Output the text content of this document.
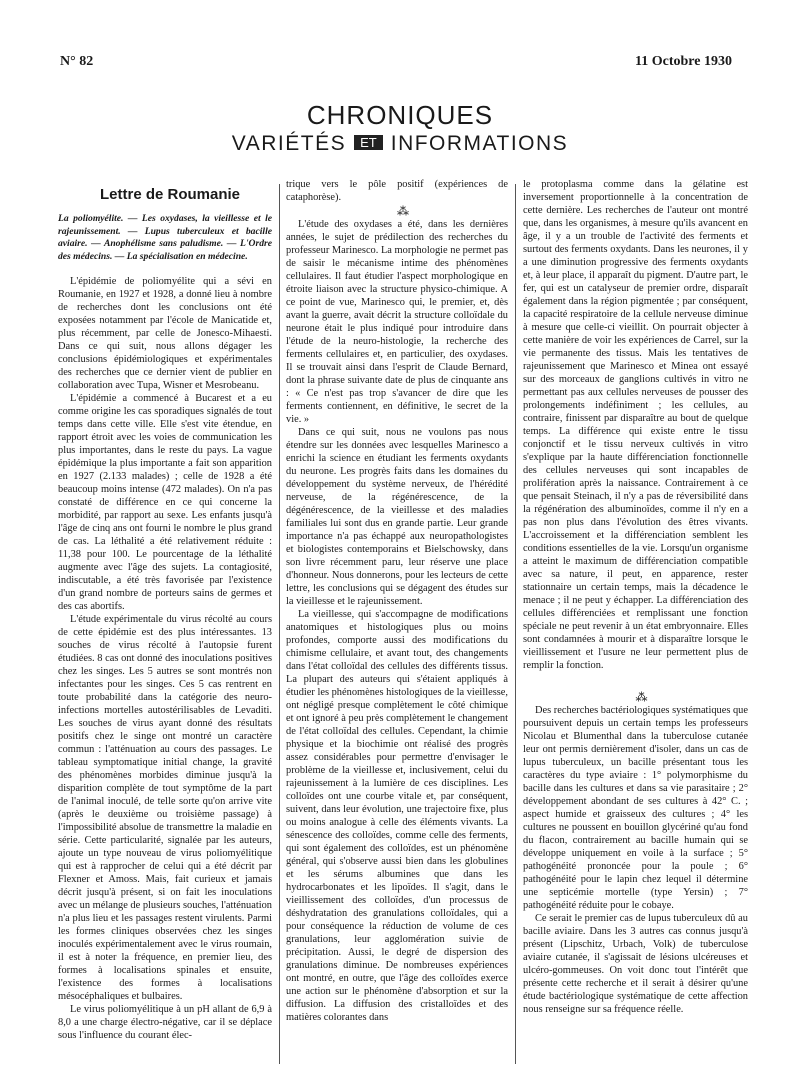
N° 82	11 Octobre 1930
CHRONIQUES
VARIÉTÉS ET INFORMATIONS

Lettre de Roumanie

La poliomyélite. — Les oxydases, la vieillesse et le rajeunissement. — Lupus tuberculeux et bacille aviaire. — Anophélisme sans paludisme. — L'Ordre des médecins. — La spécialisation en médecine.

L'épidémie de poliomyélite qui a sévi en Roumanie, en 1927 et 1928, a donné lieu à nombre de recherches dont les conclusions ont été exposées notamment par l'école de Manicatide et, plus récemment, par celle de Jonesco-Mihaesti. Dans ce qui suit, nous allons dégager les conclusions épidémiologiques et expérimentales des recherches que ce dernier vient de publier en collaboration avec Tupa, Wisner et Mesrobeanu.

L'épidémie a commencé à Bucarest et a eu comme origine les cas sporadiques signalés de tout temps dans cette ville. Elle s'est vite étendue, en rapport étroit avec les voies de communication les plus importantes, dans le reste du pays. La vague épidémique la plus importante a fait son apparition en 1927 (2.133 malades) ; celle de 1928 a été beaucoup moins intense (472 malades). On n'a pas constaté de différence en ce qui concerne la morbidité, par rapport au sexe. Les enfants jusqu'à l'âge de cinq ans ont fourni le nombre le plus grand de cas. La léthalité a été relativement réduite : 11,38 pour 100. Le pourcentage de la léthalité augmente avec l'âge des sujets. La contagiosité, indiscutable, a été très favorisée par l'existence d'un grand nombre de porteurs sains de germes et des cas abortifs.

L'étude expérimentale du virus récolté au cours de cette épidémie est des plus intéressantes. 13 souches de virus récolté à l'autopsie furent étudiées. 8 cas ont donné des inoculations positives chez les singes. Les 5 autres se sont montrés non infectantes pour les singes. Ces 5 cas rentrent en toute probabilité dans la catégorie des neuro-infections mortelles autostérilisables de Levaditi. Les souches de virus ayant donné des résultats positifs chez le singe ont montré un caractère commun : l'atténuation au cours des passages. Le tableau symptomatique initial change, la gravité des phénomènes morbides diminue jusqu'à la disparition complète de tout symptôme de la part de l'animal inoculé, de telle sorte qu'on arrive vite (après le deuxième ou troisième passage) à l'impossibilité absolue de transmettre la maladie en série. Cette particularité, signalée par les auteurs, ajoute un type nouveau de virus poliomyélitique qui est à rapprocher de celui qui a été décrit par Flexner et Amoss. Mais, fait curieux et jamais décrit jusqu'à présent, si on fait les inoculations avec un mélange de plusieurs souches, l'atténuation n'a plus lieu et les passages restent virulents. Parmi les formes cliniques observées chez les singes inoculés expérimentalement avec le virus roumain, il est à noter la fréquence, en premier lieu, des formes à localisations spinales et ensuite, l'existence des formes à localisations mésocéphaliques et bulbaires.

Le virus poliomyélitique à un pH allant de 6,9 à 8,0 a une charge électro-négative, car il se déplace sous l'influence du courant élec-

trique vers le pôle positif (expériences de cataphorèse).

⁂

L'étude des oxydases a été, dans les dernières années, le sujet de prédilection des recherches du professeur Marinesco. La morphologie ne permet pas de saisir le mécanisme intime des phénomènes cellulaires. Il faut étudier l'aspect morphologique en étroite liaison avec la structure physico-chimique. A ce point de vue, Marinesco qui, le premier, et, dès avant la guerre, avait décrit la structure colloïdale du neurone était le plus indiqué pour introduire dans l'étude de la neuro-histologie, la recherche des ferments cellulaires et, en particulier, des oxydases. Il se trouvait ainsi dans l'esprit de Claude Bernard, dont la phrase suivante date de plus de cinquante ans : « Ce n'est pas trop s'avancer de dire que les ferments contiennent, en définitive, le secret de la vie. »

Dans ce qui suit, nous ne voulons pas nous étendre sur les données avec lesquelles Marinesco a enrichi la science en étudiant les ferments oxydants du neurone. Les progrès faits dans les domaines du développement du système nerveux, de l'hérédité nerveuse, de la régénérescence, de la dégénérescence, de la vieillesse et des maladies familiales lui sont dus en grande partie. Leur grande importance n'a pas échappé aux neuropathologistes et biologistes contemporains et Bielschowsky, dans son livre récemment paru, leur réserve une place d'honneur. Nous donnerons, pour les lecteurs de cette lettre, les conclusions qui se dégagent des études sur la vieillesse et le rajeunissement.

La vieillesse, qui s'accompagne de modifications anatomiques et histologiques plus ou moins profondes, comporte aussi des modifications du chimisme cellulaire, et avant tout, des changements dans l'état colloïdal des cellules des différents tissus. La plupart des auteurs qui s'étaient appliqués à étudier les phénomènes histologiques de la vieillesse, ont négligé presque complètement le côté chimique et ont ignoré à peu près complètement le changement de l'état colloïdal des cellules. Cependant, la chimie physique et la biochimie ont réalisé des progrès assez considérables pour permettre d'envisager le problème de la vieillesse et, inclusivement, celui du rajeunissement à la lumière de ces disciplines. Les colloïdes ont une courbe vitale et, par conséquent, suivent, dans leur évolution, une trajectoire fixe, plus ou moins analogue à celle des éléments vivants. La sénescence des colloïdes, comme celle des ferments, qui sont également des colloïdes, est un phénomène général, qui s'observe aussi bien dans les globulines et les sérums albumines que dans les hydrocarbonates et les lipoïdes. Il s'agit, dans le vieillissement des colloïdes, d'un processus de déshydratation des granulations colloïdales, qui a pour conséquence la réduction de volume de ces granulations, leur agglomération suivie de précipitation. Aussi, le degré de dispersion des granulations diminue. De nombreuses expériences ont montré, en outre, que l'âge des colloïdes exerce une action sur le phénomène d'absorption et sur la diffusion. La diffusion des cristalloïdes et des matières colorantes dans

le protoplasma comme dans la gélatine est inversement proportionnelle à la concentration de cette dernière. Les recherches de l'auteur ont montré que, dans les organismes, à mesure qu'ils avancent en âge, il y a un trouble de l'activité des ferments et surtout des ferments oxydants. Dans les neurones, il y a une diminution progressive des ferments oxydants et, à leur place, il apparaît du pigment. D'autre part, le fer, qui est un catalyseur de premier ordre, disparaît également dans la région pigmentée ; par conséquent, la capacité respiratoire de la cellule nerveuse diminue à mesure que celle-ci vieillit. On pourrait objecter à cette manière de voir les expériences de Carrel, sur la vie permanente des tissus. Mais les tentatives de rajeunissement que Marinesco et Minea ont essayé sur des morceaux de ganglions cultivés in vitro ne permettant pas aux cellules nerveuses de pousser des prolongements indéfiniment ; les cellules, au contraire, finissent par disparaître au bout de quelque temps. La différence qui existe entre le tissu conjonctif et le tissu nerveux cultivés in vitro s'explique par la haute différenciation fonctionnelle des cellules nerveuses qui sont incapables de prolifération après la naissance. Contrairement à ce que pensait Steinach, il n'y a pas de réversibilité dans la régénération des albuminoïdes, comme il n'y en a pas non plus dans l'évolution des êtres vivants. L'accroissement et la différenciation semblent les conditions essentielles de la vie. Lorsqu'un organisme a atteint le maximum de différenciation compatible avec sa nature, il peut, en apparence, rester stationnaire un certain temps, mais la décadence le menace ; il ne peut y échapper. La différenciation des cellules différenciées et remplissant une fonction spéciale ne peut revenir à un état embryonnaire. Elles sont condamnées à mourir et à disparaître lorsque le vieillissement et l'usure ne leur permettent plus de remplir la fonction.

⁂

Des recherches bactériologiques systématiques que poursuivent depuis un certain temps les professeurs Nicolau et Blumenthal dans la tuberculose cutanée leur ont permis dernièrement d'isoler, dans un cas de lupus tuberculeux, un bacille présentant tous les caractères du type aviaire : 1° polymorphisme du bacille dans les cultures et dans sa vie parasitaire ; 2° développement abondant de ses cultures à 42° C. ; aspect humide et graisseux des cultures ; 4° les cultures ne poussent en bouillon glycériné qu'au fond du flacon, contrairement au bacille humain qui se développe uniquement en voile à la surface ; 5° pathogénéité prononcée pour la poule ; 6° pathogénéité pour le lapin chez lequel il détermine une septicémie mortelle (type Yersin) ; 7° pathogénéité réduite pour le cobaye.

Ce serait le premier cas de lupus tuberculeux dû au bacille aviaire. Dans les 3 autres cas connus jusqu'à présent (Lipschitz, Urbach, Volk) de tuberculose aviaire cutanée, il s'agissait de lésions ulcéreuses et ulcéro-gommeuses. On voit donc tout l'intérêt que présente cette recherche et il serait à désirer qu'une étude bactériologique systématique de cette affection nous renseigne sur sa fréquence réelle.
